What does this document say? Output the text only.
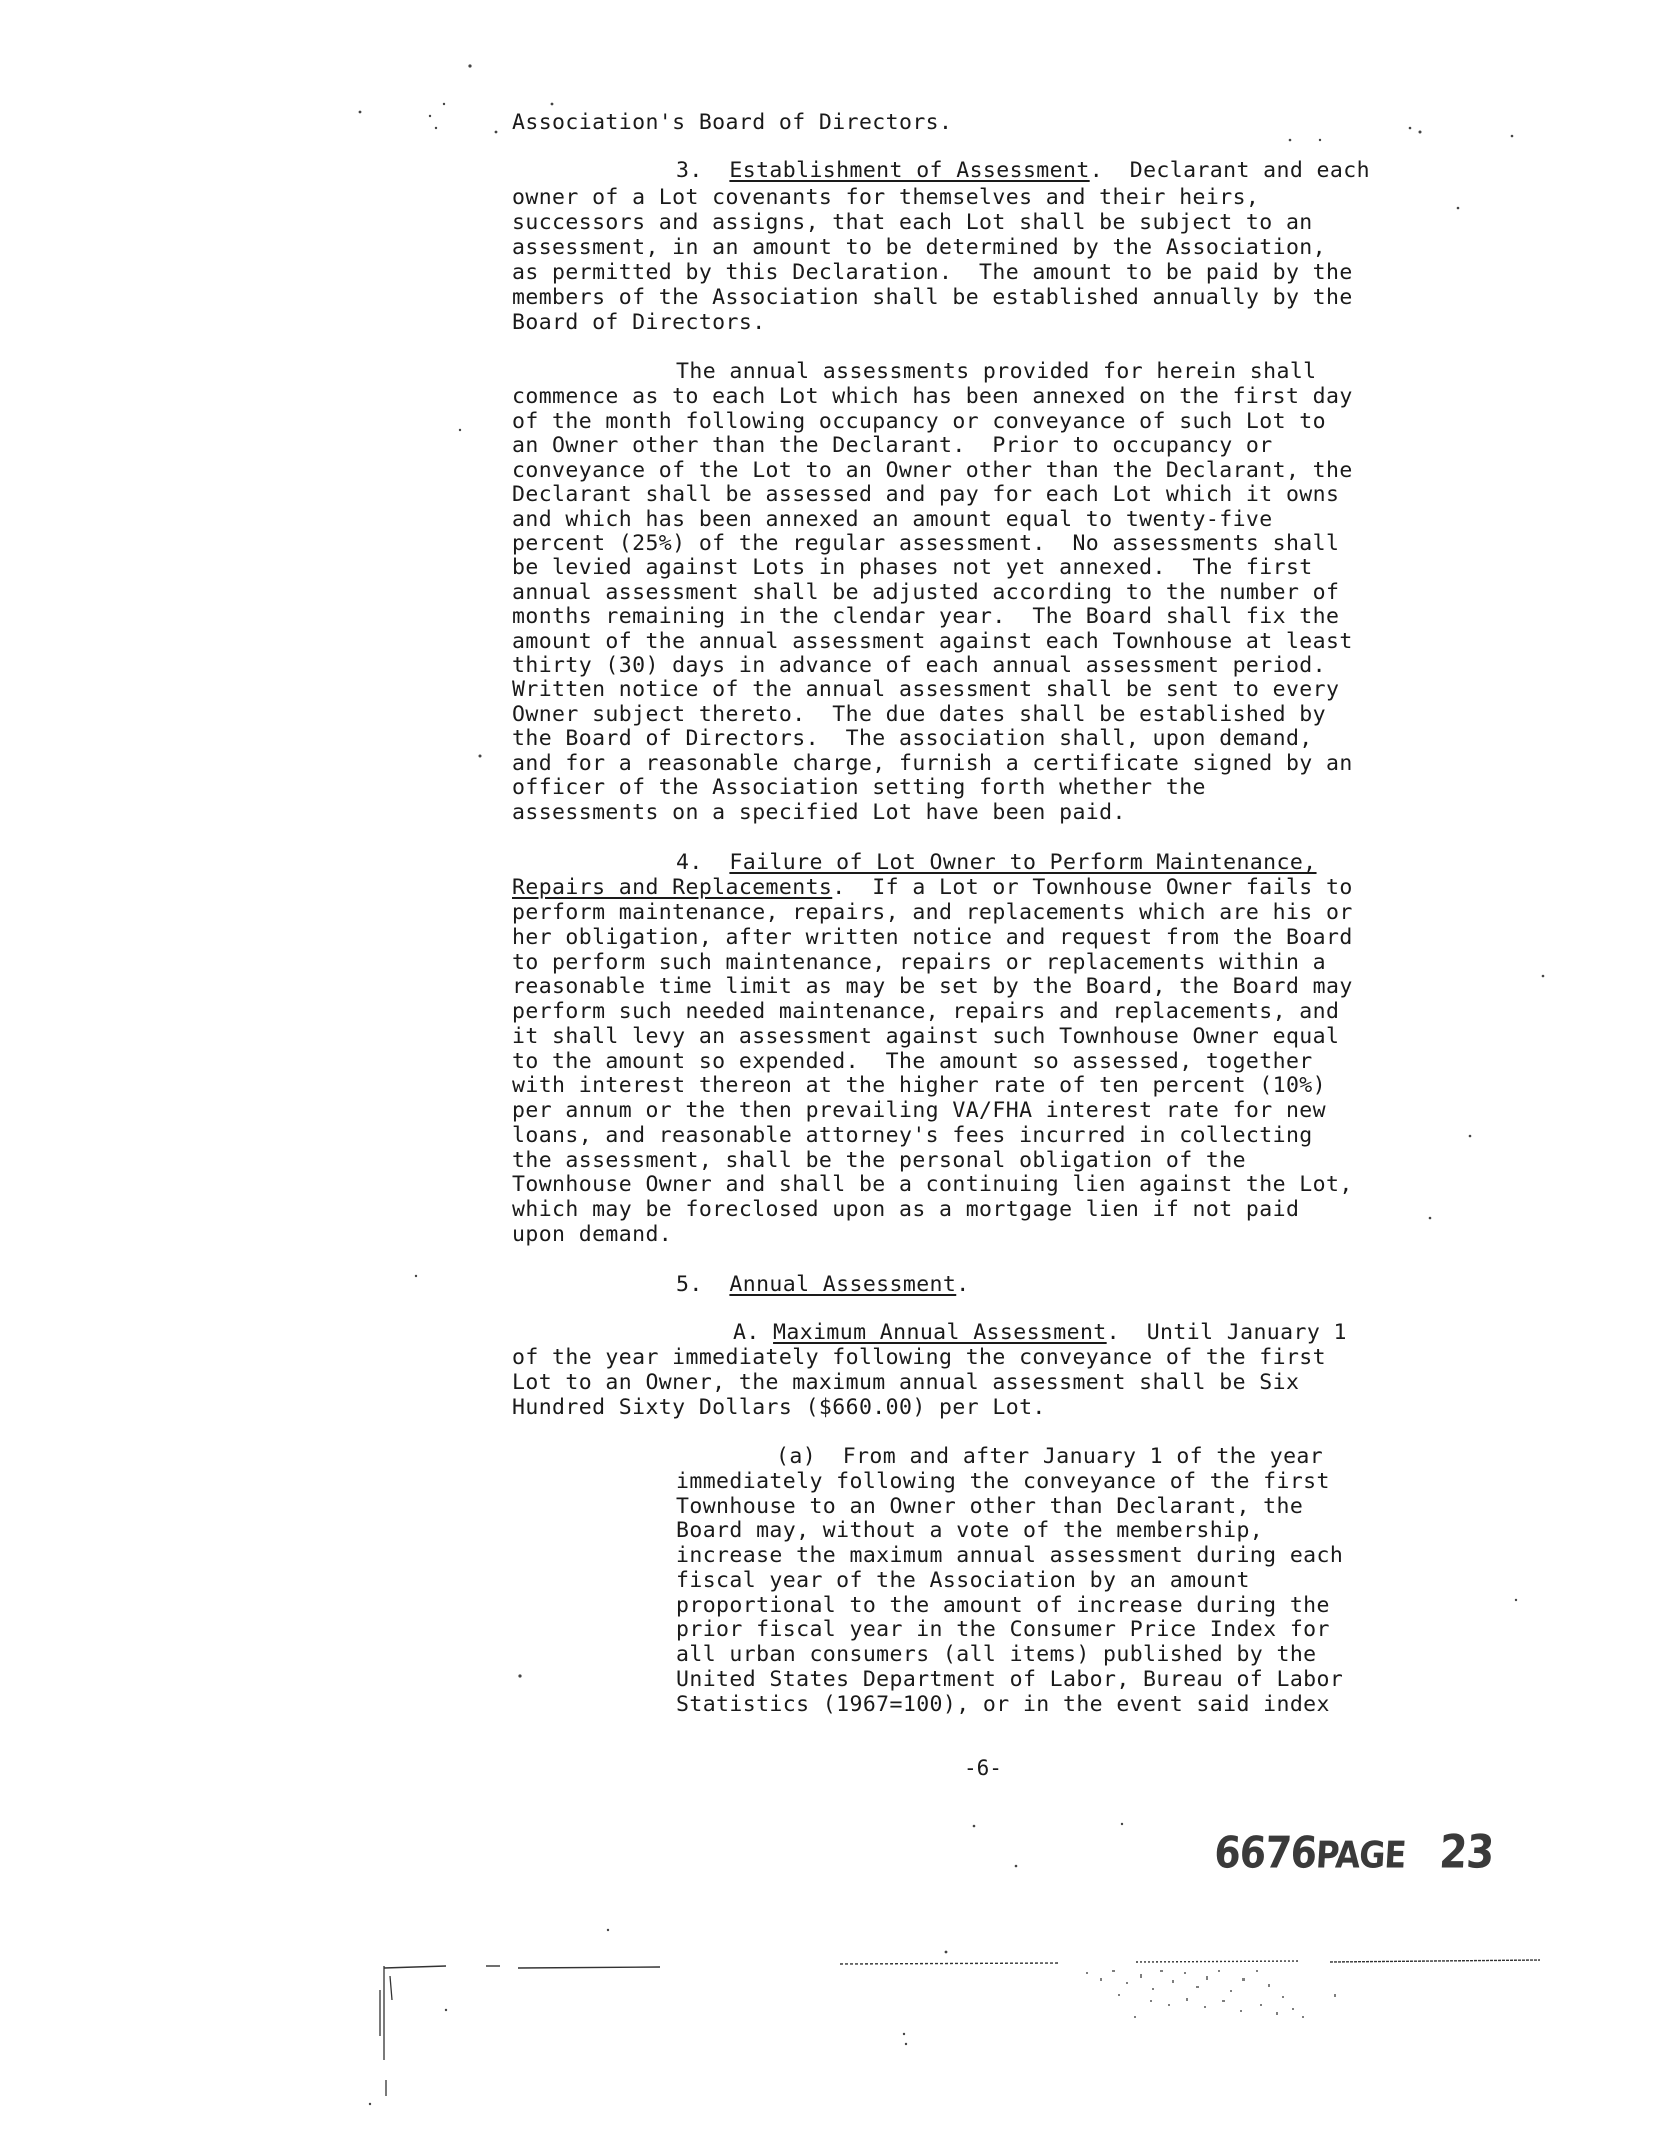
Association's Board of Directors.
3.  Establishment of Assessment.  Declarant and each
owner of a Lot covenants for themselves and their heirs,
successors and assigns, that each Lot shall be subject to an
assessment, in an amount to be determined by the Association,
as permitted by this Declaration.  The amount to be paid by the
members of the Association shall be established annually by the
Board of Directors.
The annual assessments provided for herein shall
commence as to each Lot which has been annexed on the first day
of the month following occupancy or conveyance of such Lot to
an Owner other than the Declarant.  Prior to occupancy or
conveyance of the Lot to an Owner other than the Declarant, the
Declarant shall be assessed and pay for each Lot which it owns
and which has been annexed an amount equal to twenty-five
percent (25%) of the regular assessment.  No assessments shall
be levied against Lots in phases not yet annexed.  The first
annual assessment shall be adjusted according to the number of
months remaining in the clendar year.  The Board shall fix the
amount of the annual assessment against each Townhouse at least
thirty (30) days in advance of each annual assessment period.
Written notice of the annual assessment shall be sent to every
Owner subject thereto.  The due dates shall be established by
the Board of Directors.  The association shall, upon demand,
and for a reasonable charge, furnish a certificate signed by an
officer of the Association setting forth whether the
assessments on a specified Lot have been paid.
4.  Failure of Lot Owner to Perform Maintenance,
Repairs and Replacements.  If a Lot or Townhouse Owner fails to
perform maintenance, repairs, and replacements which are his or
her obligation, after written notice and request from the Board
to perform such maintenance, repairs or replacements within a
reasonable time limit as may be set by the Board, the Board may
perform such needed maintenance, repairs and replacements, and
it shall levy an assessment against such Townhouse Owner equal
to the amount so expended.  The amount so assessed, together
with interest thereon at the higher rate of ten percent (10%)
per annum or the then prevailing VA/FHA interest rate for new
loans, and reasonable attorney's fees incurred in collecting
the assessment, shall be the personal obligation of the
Townhouse Owner and shall be a continuing lien against the Lot,
which may be foreclosed upon as a mortgage lien if not paid
upon demand.
5.  Annual Assessment.
A. Maximum Annual Assessment.  Until January 1
of the year immediately following the conveyance of the first
Lot to an Owner, the maximum annual assessment shall be Six
Hundred Sixty Dollars ($660.00) per Lot.
(a)  From and after January 1 of the year
immediately following the conveyance of the first
Townhouse to an Owner other than Declarant, the
Board may, without a vote of the membership,
increase the maximum annual assessment during each
fiscal year of the Association by an amount
proportional to the amount of increase during the
prior fiscal year in the Consumer Price Index for
all urban consumers (all items) published by the
United States Department of Labor, Bureau of Labor
Statistics (1967=100), or in the event said index
-6-
6676PAGE 23
